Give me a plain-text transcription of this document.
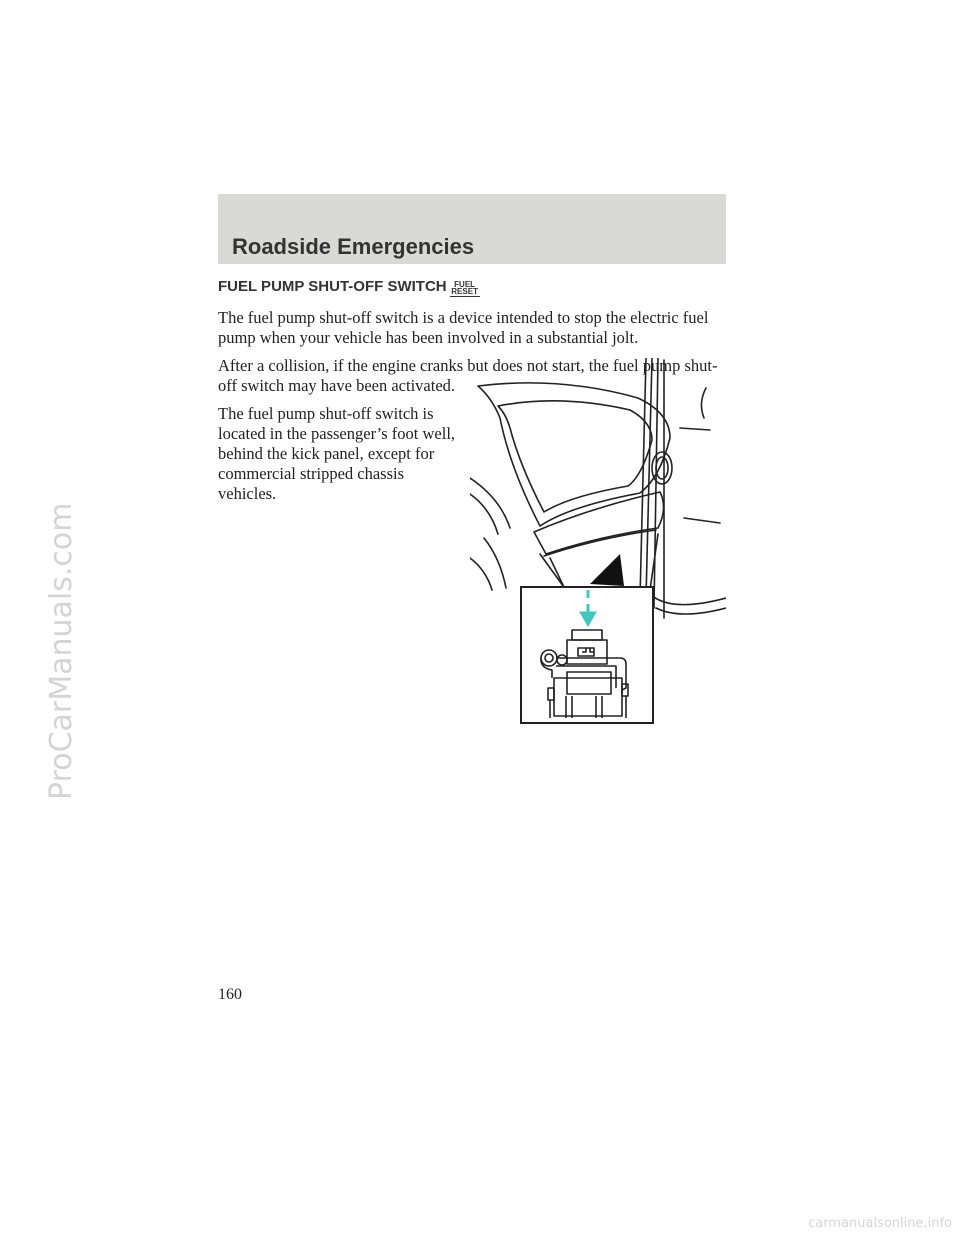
ProCarManuals.com
Roadside Emergencies
FUEL PUMP SHUT-OFF SWITCH FUEL
RESET

The fuel pump shut-off switch is a device intended to stop the electric fuel pump when your vehicle has been involved in a substantial jolt.

After a collision, if the engine cranks but does not start, the fuel pump shut-off switch may have been activated.

The fuel pump shut-off switch is located in the passenger’s foot well, behind the kick panel, except for commercial stripped chassis vehicles.

160
carmanualsonline.info
